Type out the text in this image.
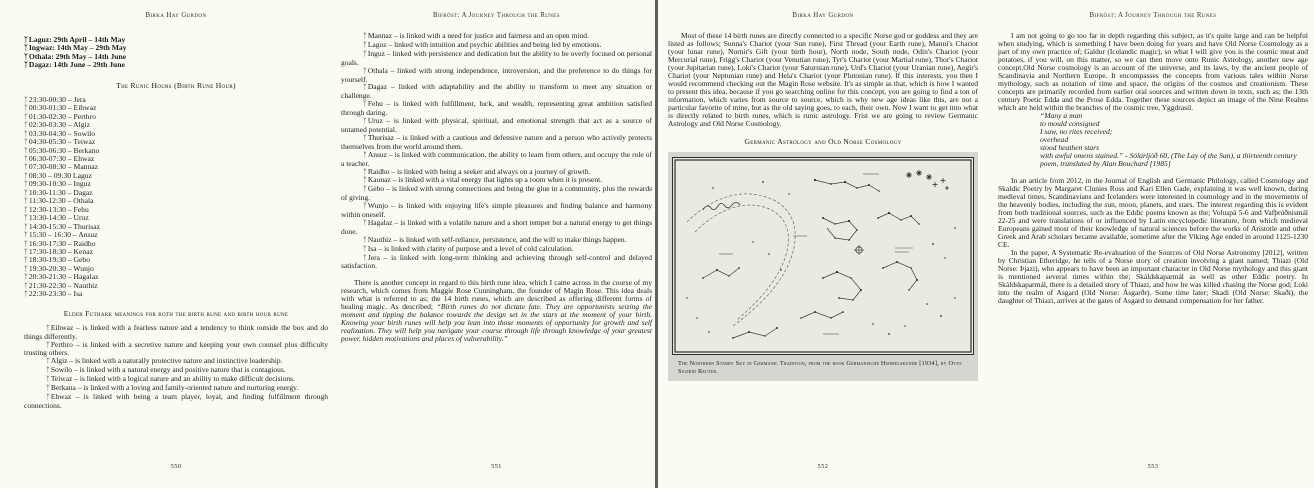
Birka Hay Gurdon
ᛉLaguz: 29th April – 14th May
ᛉIngwaz: 14th May – 29th May
ᛉOthala: 29th May – 14th June
ᛉDagaz: 14th June – 29th June
The Runic Hours (Birth Rune Hour)
ᛉ23:30-00:30 – Jera
ᛉ00:30-01:30 – Eihwaz
ᛉ01:30-02:30 – Perthro
ᛉ02:30-03:30 – Algiz
ᛉ03:30-04:30 – Sowilo
ᛉ04:30-05:30 – Teiwaz
ᛉ05:30-06:30 – Berkano
ᛉ06:30-07:30 – Ehwaz
ᛉ07:30-08:30 – Mannaz
ᛉ08:30 – 09:30 Laguz
ᛉ09:30-10:30 – Inguz
ᛉ10:30-11:30 – Dagaz
ᛉ11:30-12:30 – Othala
ᛉ12:30-13:30 – Fehu
ᛉ13:30-14:30 – Uruz
ᛉ14:30-15:30 – Thurisaz
ᛉ15:30 – 16:30 – Ansuz
ᛉ16:30-17:30 – Raidho
ᛉ17:30-18:30 – Kenaz
ᛉ18:30-19:30 – Gebo
ᛉ19:30-20:30 – Wunjo
ᛉ20:30-21:30 – Hagalaz
ᛉ21:30-22:30 – Nauthiz
ᛉ22:30-23:30 – Isa
Elder Futhark meanings for both the birth rune and birth hour rune
ᛉEihwaz – is linked with a fearless nature and a tendency to think outside the box and do things differently.
ᛉPerthro – is linked with a secretive nature and keeping your own counsel plus difficulty trusting others.
ᛉAlgiz – is linked with a naturally protective nature and instinctive leadership.
ᛉSowilo – is linked with a natural energy and positive nature that is contagious.
ᛉTeiwaz – is linked with a logical nature and an ability to make difficult decisions.
ᛉBerkana – is linked with a loving and family-oriented nature and nurturing energy.
ᛉEhwaz – is linked with being a team player, loyal, and finding fulfillment through connections.
550
Bifröst: A Journey Through the Runes
ᛉMannaz – is linked with a need for justice and fairness and an open mind.
ᛉLaguz – linked with intuition and psychic abilities and being led by emotions.
ᛉInguz – linked with persistence and dedication but the ability to be overly focused on personal goals.
ᛉOthala – linked with strong independence, introversion, and the preference to do things for yourself.
ᛉDagaz – linked with adaptability and the ability to transform to meet any situation or challenge.
ᛉFehu – is linked with fulfillment, luck, and wealth, representing great ambition satisfied through daring.
ᛉUruz – is linked with physical, spiritual, and emotional strength that act as a source of untamed potential.
ᛉThurisaz – is linked with a cautious and defensive nature and a person who actively protects themselves from the world around them.
ᛉAnsuz – is linked with communication, the ability to learn from others, and occupy the role of a teacher.
ᛉRaidho – is linked with being a seeker and always on a journey of growth.
ᛉKaunaz – is linked with a vital energy that lights up a room when it is present.
ᛉGebo – is linked with strong connections and being the glue in a community, plus the rewards of giving.
ᛉWunjo – is linked with enjoying life's simple pleasures and finding balance and harmony within oneself.
ᛉHagalaz – is linked with a volatile nature and a short temper but a natural energy to get things done.
ᛉNauthiz – is linked with self-reliance, persistence, and the will to make things happen.
ᛉIsa – is linked with clarity of purpose and a level of cold calculation.
ᛉJera – is linked with long-term thinking and achieving through self-control and delayed satisfaction.

There is another concept in regard to this birth rune idea, which I came across in the course of my research, which comes from Maggie Rose Cunningham, the founder of Magin Rose. This idea deals with what is referred to as; the 14 birth runes, which are described as offering different forms of healing magic. As described; “Birth runes do not dictate fate. They are opportunists seizing the moment and tipping the balance towards the design set in the stars at the moment of your birth. Knowing your birth runes will help you lean into those moments of opportunity for growth and self realization. They will help you navigate your course through life through knowledge of your greatest power, hidden motivations and places of vulnerability.”

551
Birka Hay Gurdon

Most of these 14 birth runes are directly connected to a specific Norse god or goddess and they are listed as follows; Sunna's Chariot (your Sun rune), First Thread (your Earth rune), Manni's Chariot (your lunar rune), Nornir's Gift (your birth hour), North node, South node, Odin's Chariot (your Mercurial rune), Frigg's Chariot (your Venutian rune), Tyr's Chariot (your Martial rune), Thor's Chariot (your Jupitarian rune), Loki's Chariot (your Saturnian rune), Urd's Chariot (your Uranian rune), Aegir's Chariot (your Neptunian rune) and Hela's Chariot (your Plutonian rune). If this interests, you then I would recommend checking out the Magin Rose website. It's as simple as that, which is how I wanted to present this idea, because if you go searching online for this concept, you are going to find a ton of information, which varies from source to source, which is why new age ideas like this, are not a particular favorite of mine, but as the old saying goes, to each, their own. Now I want to get into what is directly related to birth runes, which is runic astrology. Frist we are going to review Germanic Astrology and Old Norse Cosmology.

Germanic Astrology and Old Norse Cosmology
The Northern Starry Sky in Germanic Tradition, from the book Germanische Himmelskunde [1934], by Otto Sigfrid Reuter.
552
Bifröst: A Journey Through the Runes

I am not going to go too far in depth regarding this subject, as it's quite large and can be helpful when studying, which is something I have been doing for years and have Old Norse Cosmology as a part of my own practice of; Galdur (Icelandic magic), so what I will give you is the cosmic meat and potatoes, if you will, on this matter, so we can then move onto Runic Astrology, another new age concept.Old Norse cosmology is an account of the universe, and its laws, by the ancient people of Scandinavia and Northern Europe. It encompasses the concepts from various tales within Norse mythology, such as notation of time and space, the origins of the cosmos and creationism. These concepts are primarily recorded from earlier oral sources and written down in texts, such as; the 13th century Poetic Edda and the Prose Edda. Together these sources depict an image of the Nine Realms which are held within the branches of the cosmic tree, Yggdrasil.

“Many a man
to mould consigned
I saw, no rites received;
overhead
stood heathen stars
with awful omens stained.” - Sólarljóð 60, (The Lay of the Sun), a thirteenth century poem, translated by Alan Bouchard [1985]

In an article from 2012, in the Journal of English and Germanic Philology, called Cosmology and Skaldic Poetry by Margaret Clunies Ross and Kari Ellen Gade, explaining it was well known, during medieval times, Scandinavians and Icelanders were interested in cosmology and in the movements of the heavenly bodies, including the sun, moon, planets, and stars. The interest regarding this is evident from both traditional sources, such as the Eddic poems known as the; Voluspá 5-6 and Vafþrúðnismál 22-25 and were translations of or influenced by Latin encyclopedic literature, from which medieval Europeans gained most of their knowledge of natural sciences before the works of Aristotle and other Greek and Arab scholars became available, sometime after the Viking Age ended in around 1125-1230 CE.

In the paper, A Systematic Re-evaluation of the Sources of Old Norse Astronomy [2012], written by Christian Etheridge, he tells of a Norse story of creation involving a giant named; Thiazi (Old Norse: Þjazi), who appears to have been an important character in Old Norse mythology and this giant is mentioned several times within the; Skáldskaparmál as well as other Eddic poetry. In Skáldskaparmál, there is a detailed story of Thiazi, and how he was killed chasing the Norse god; Loki into the realm of Asgard (Old Norse: Ásgarðr). Some time later; Skadi (Old Norse: Skaði), the daughter of Thiazi, arrives at the gates of Asgard to demand compensation for her father.

553
